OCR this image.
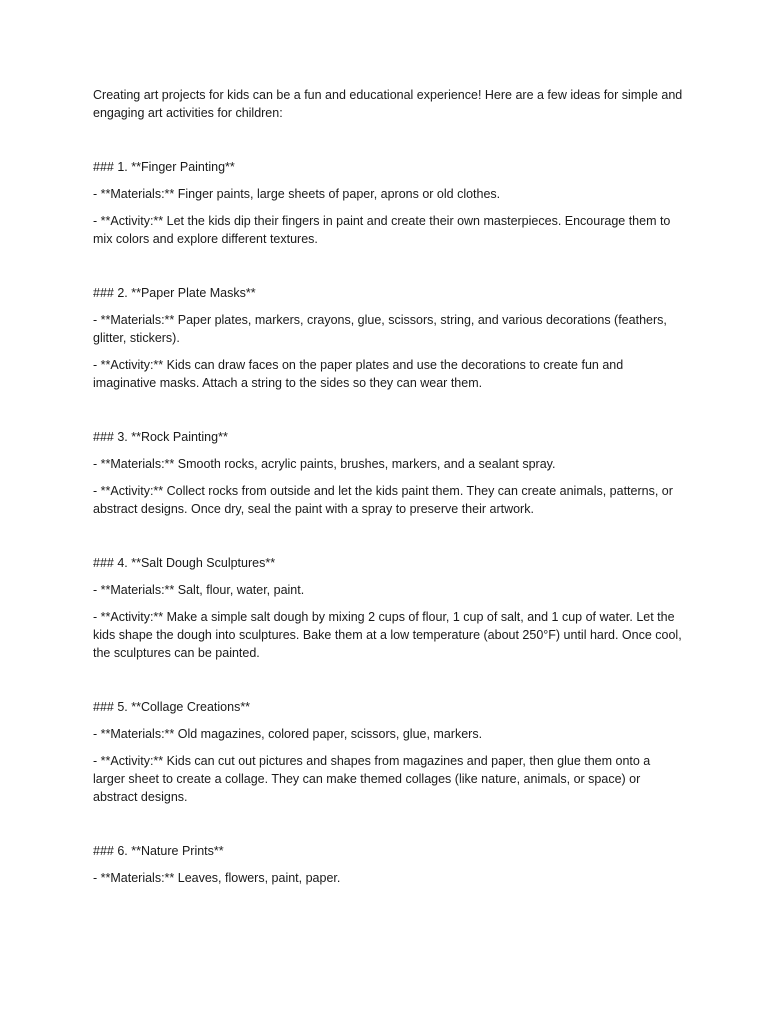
Creating art projects for kids can be a fun and educational experience! Here are a few ideas for simple and engaging art activities for children:

### 1. **Finger Painting**

- **Materials:** Finger paints, large sheets of paper, aprons or old clothes.

- **Activity:** Let the kids dip their fingers in paint and create their own masterpieces. Encourage them to mix colors and explore different textures.

### 2. **Paper Plate Masks**

- **Materials:** Paper plates, markers, crayons, glue, scissors, string, and various decorations (feathers, glitter, stickers).

- **Activity:** Kids can draw faces on the paper plates and use the decorations to create fun and imaginative masks. Attach a string to the sides so they can wear them.

### 3. **Rock Painting**

- **Materials:** Smooth rocks, acrylic paints, brushes, markers, and a sealant spray.

- **Activity:** Collect rocks from outside and let the kids paint them. They can create animals, patterns, or abstract designs. Once dry, seal the paint with a spray to preserve their artwork.

### 4. **Salt Dough Sculptures**

- **Materials:** Salt, flour, water, paint.

- **Activity:** Make a simple salt dough by mixing 2 cups of flour, 1 cup of salt, and 1 cup of water. Let the kids shape the dough into sculptures. Bake them at a low temperature (about 250°F) until hard. Once cool, the sculptures can be painted.

### 5. **Collage Creations**

- **Materials:** Old magazines, colored paper, scissors, glue, markers.

- **Activity:** Kids can cut out pictures and shapes from magazines and paper, then glue them onto a larger sheet to create a collage. They can make themed collages (like nature, animals, or space) or abstract designs.

### 6. **Nature Prints**

- **Materials:** Leaves, flowers, paint, paper.
